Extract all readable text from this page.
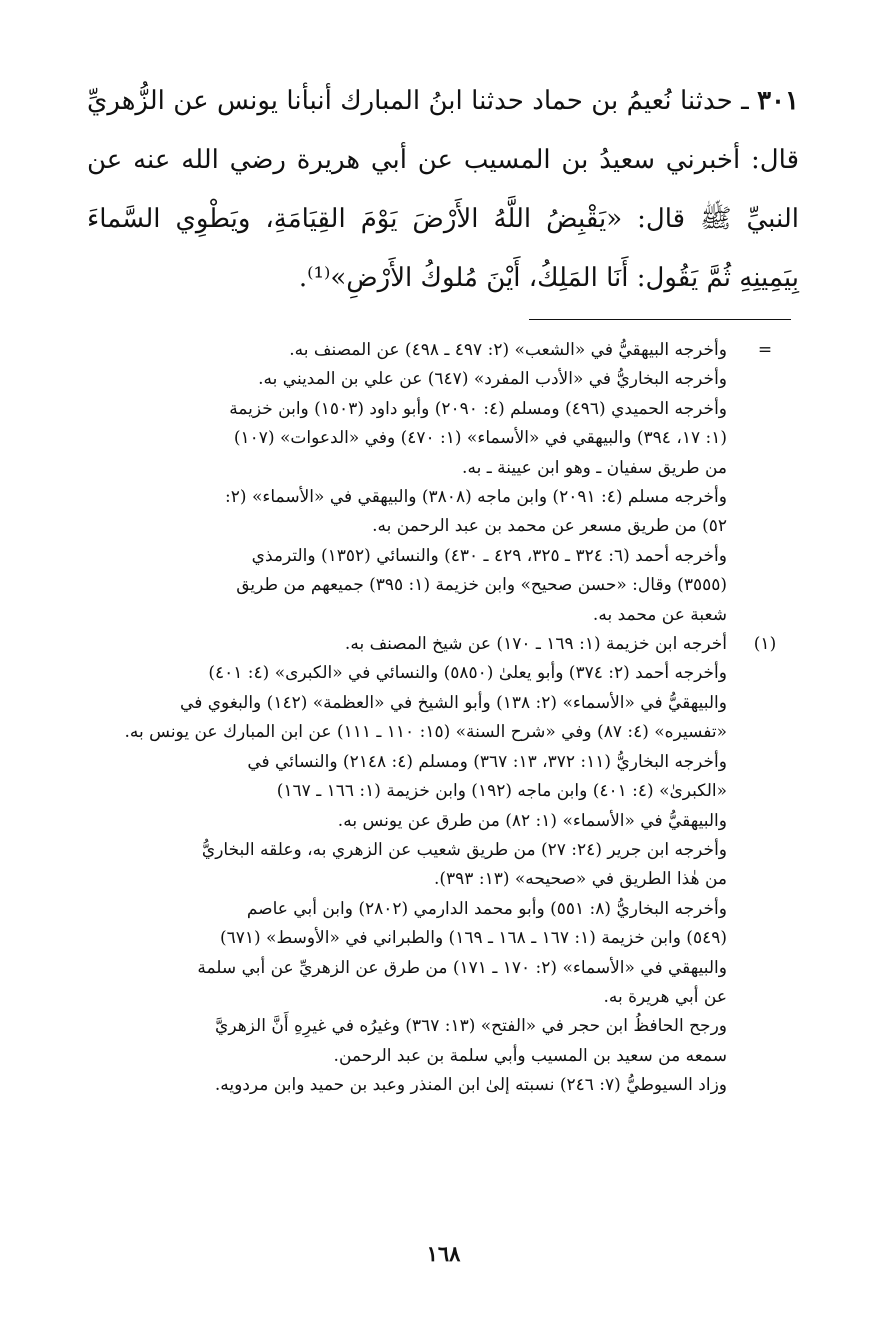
٣٠١ ـ حدثنا نُعيمُ بن حماد حدثنا ابنُ المبارك أنبأنا يونس عن الزُّهريِّ قال: أخبرني سعيدُ بن المسيب عن أبي هريرة رضي الله عنه عن النبيِّ ﷺ قال: «يَقْبِضُ اللَّهُ الأَرْضَ يَوْمَ القِيَامَةِ، ويَطْوِي السَّماءَ بِيَمِينِهِ ثُمَّ يَقُول: أَنَا المَلِكُ، أَيْنَ مُلوكُ الأَرْضِ»⁽¹⁾.

=
وأخرجه البيهقيُّ في «الشعب» (٢: ٤٩٧ ـ ٤٩٨) عن المصنف به.
وأخرجه البخاريُّ في «الأدب المفرد» (٦٤٧) عن علي بن المديني به.
وأخرجه الحميدي (٤٩٦) ومسلم (٤: ٢٠٩٠) وأبو داود (١٥٠٣) وابن خزيمة
(١: ١٧، ٣٩٤) والبيهقي في «الأسماء» (١: ٤٧٠) وفي «الدعوات» (١٠٧)
من طريق سفيان ـ وهو ابن عيينة ـ به.
وأخرجه مسلم (٤: ٢٠٩١) وابن ماجه (٣٨٠٨) والبيهقي في «الأسماء» (٢:
٥٢) من طريق مسعر عن محمد بن عبد الرحمن به.
وأخرجه أحمد (٦: ٣٢٤ ـ ٣٢٥، ٤٢٩ ـ ٤٣٠) والنسائي (١٣٥٢) والترمذي
(٣٥٥٥) وقال: «حسن صحيح» وابن خزيمة (١: ٣٩٥) جميعهم من طريق
شعبة عن محمد به.
(١)
أخرجه ابن خزيمة (١: ١٦٩ ـ ١٧٠) عن شيخ المصنف به.
وأخرجه أحمد (٢: ٣٧٤) وأبو يعلىٰ (٥٨٥٠) والنسائي في «الكبرى» (٤: ٤٠١)
والبيهقيُّ في «الأسماء» (٢: ١٣٨) وأبو الشيخ في «العظمة» (١٤٢) والبغوي في
«تفسيره» (٤: ٨٧) وفي «شرح السنة» (١٥: ١١٠ ـ ١١١) عن ابن المبارك عن يونس به.
وأخرجه البخاريُّ (١١: ٣٧٢، ١٣: ٣٦٧) ومسلم (٤: ٢١٤٨) والنسائي في
«الكبرىٰ» (٤: ٤٠١) وابن ماجه (١٩٢) وابن خزيمة (١: ١٦٦ ـ ١٦٧)
والبيهقيُّ في «الأسماء» (١: ٨٢) من طرق عن يونس به.
وأخرجه ابن جرير (٢٤: ٢٧) من طريق شعيب عن الزهري به، وعلقه البخاريُّ
من هٰذا الطريق في «صحيحه» (١٣: ٣٩٣).
وأخرجه البخاريُّ (٨: ٥٥١) وأبو محمد الدارمي (٢٨٠٢) وابن أبي عاصم
(٥٤٩) وابن خزيمة (١: ١٦٧ ـ ١٦٨ ـ ١٦٩) والطبراني في «الأوسط» (٦٧١)
والبيهقي في «الأسماء» (٢: ١٧٠ ـ ١٧١) من طرق عن الزهريِّ عن أبي سلمة
عن أبي هريرة به.
ورجح الحافظُ ابن حجر في «الفتح» (١٣: ٣٦٧) وغيرُه في غيرِهِ أَنَّ الزهريَّ
سمعه من سعيد بن المسيب وأبي سلمة بن عبد الرحمن.
وزاد السيوطيُّ (٧: ٢٤٦) نسبته إلىٰ ابن المنذر وعبد بن حميد وابن مردويه.
١٦٨
